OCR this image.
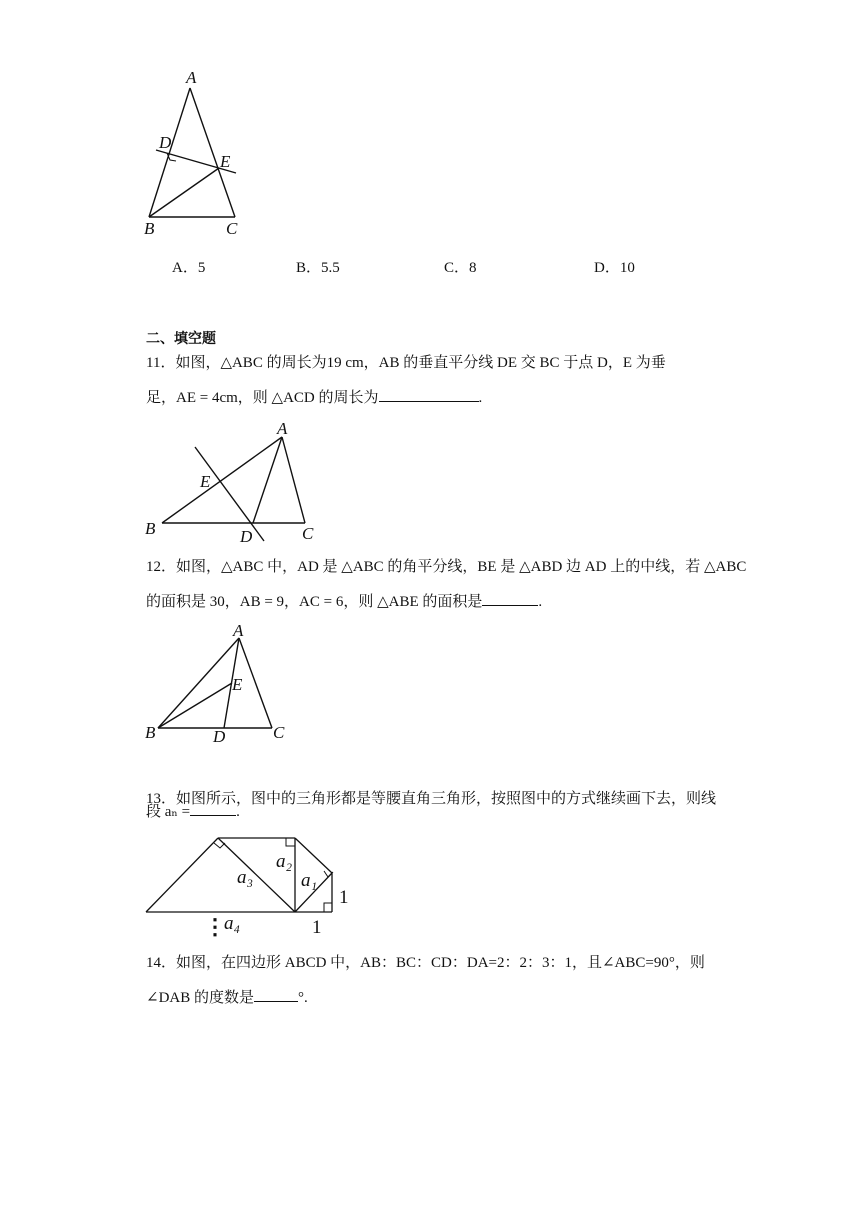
A
D
E
B	C
A．5	B．5.5	C．8	D．10
二、填空题
11．如图，△ABC 的周长为19 cm，AB 的垂直平分线 DE 交 BC 于点 D，E 为垂
足，AE = 4cm，则 △ACD 的周长为	.
A
E
B	D	C
12．如图，△ABC 中，AD 是 △ABC 的角平分线，BE 是 △ABD 边 AD 上的中线，若 △ABC
的面积是 30，AB = 9，AC = 6，则 △ABE 的面积是	.
A
E
B	D	C
13．如图所示，图中的三角形都是等腰直角三角形，按照图中的方式继续画下去，则线
段 aₙ =	.
a₃
a₂
a₁
1
1
a₄
⋮
14．如图，在四边形 ABCD 中，AB：BC：CD：DA=2：2：3：1，且∠ABC=90°，则
∠DAB 的度数是	°.
